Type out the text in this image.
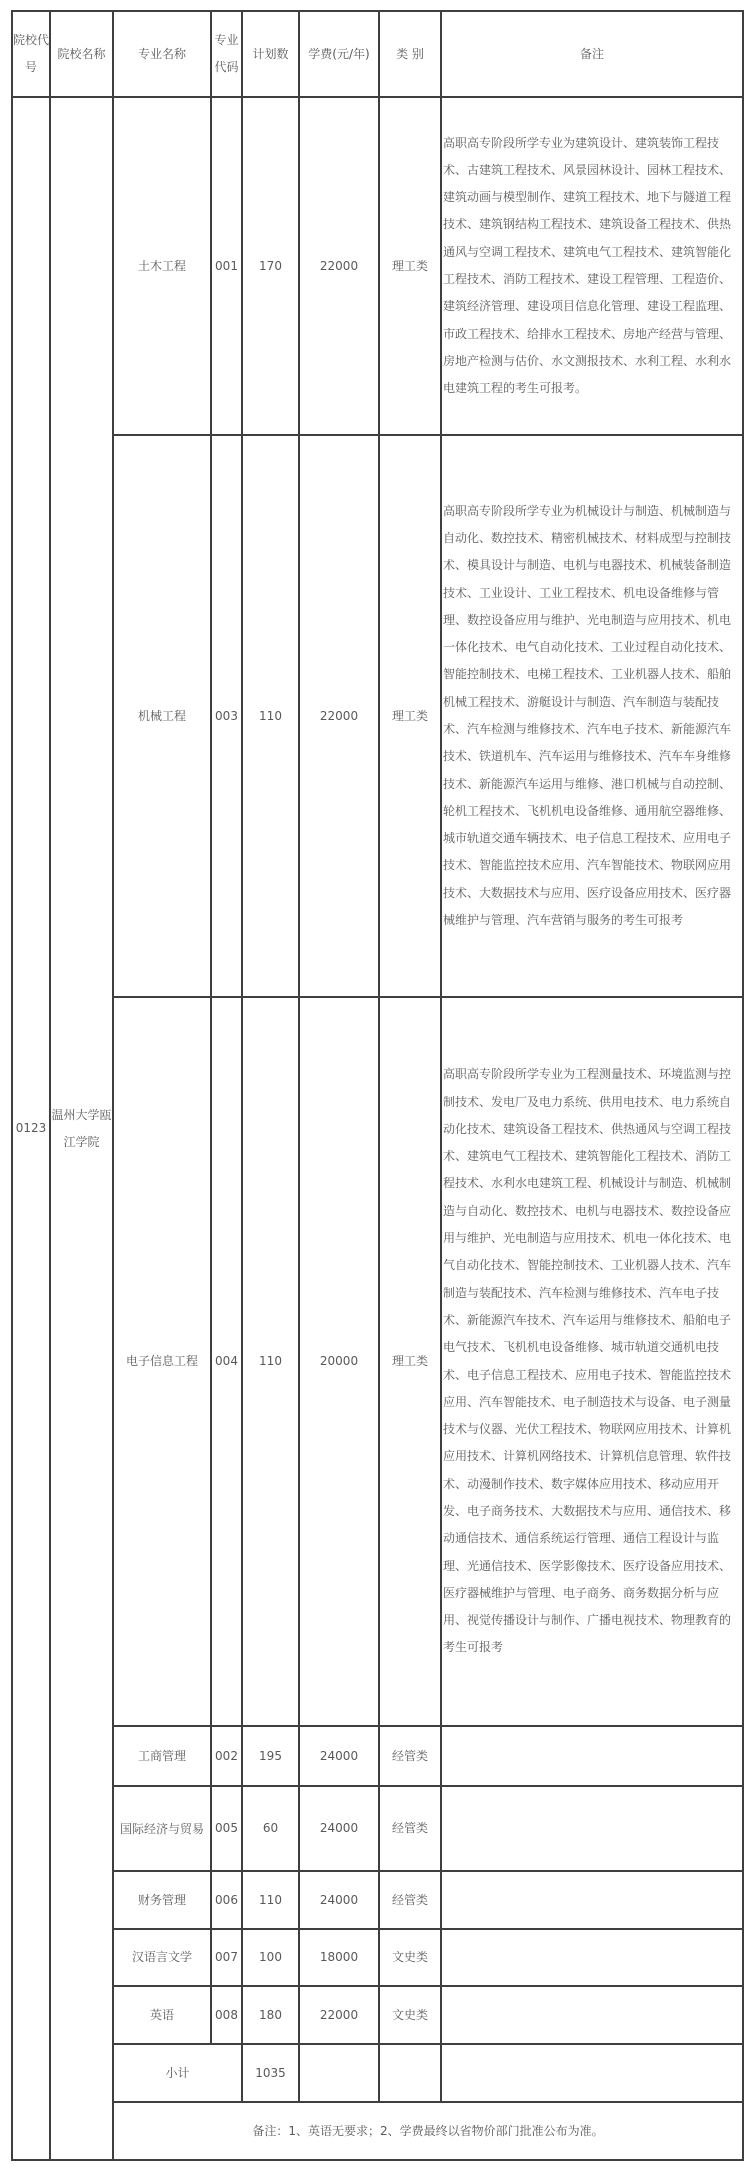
院校代号	院校名称	专业名称	专业代码	计划数	学费(元/年)	类 别	备注
0123	温州大学瓯江学院	土木工程	001	170	22000	理工类	高职高专阶段所学专业为建筑设计、建筑装饰工程技术、古建筑工程技术、风景园林设计、园林工程技术、建筑动画与模型制作、建筑工程技术、地下与隧道工程技术、建筑钢结构工程技术、建筑设备工程技术、供热通风与空调工程技术、建筑电气工程技术、建筑智能化工程技术、消防工程技术、建设工程管理、工程造价、建筑经济管理、建设项目信息化管理、建设工程监理、市政工程技术、给排水工程技术、房地产经营与管理、房地产检测与估价、水文测报技术、水利工程、水利水电建筑工程的考生可报考。
		机械工程	003	110	22000	理工类	高职高专阶段所学专业为机械设计与制造、机械制造与自动化、数控技术、精密机械技术、材料成型与控制技术、模具设计与制造、电机与电器技术、机械装备制造技术、工业设计、工业工程技术、机电设备维修与管理、数控设备应用与维护、光电制造与应用技术、机电一体化技术、电气自动化技术、工业过程自动化技术、智能控制技术、电梯工程技术、工业机器人技术、船舶机械工程技术、游艇设计与制造、汽车制造与装配技术、汽车检测与维修技术、汽车电子技术、新能源汽车技术、铁道机车、汽车运用与维修技术、汽车车身维修技术、新能源汽车运用与维修、港口机械与自动控制、轮机工程技术、飞机机电设备维修、通用航空器维修、城市轨道交通车辆技术、电子信息工程技术、应用电子技术、智能监控技术应用、汽车智能技术、物联网应用技术、大数据技术与应用、医疗设备应用技术、医疗器械维护与管理、汽车营销与服务的考生可报考
		电子信息工程	004	110	20000	理工类	高职高专阶段所学专业为工程测量技术、环境监测与控制技术、发电厂及电力系统、供用电技术、电力系统自动化技术、建筑设备工程技术、供热通风与空调工程技术、建筑电气工程技术、建筑智能化工程技术、消防工程技术、水利水电建筑工程、机械设计与制造、机械制造与自动化、数控技术、电机与电器技术、数控设备应用与维护、光电制造与应用技术、机电一体化技术、电气自动化技术、智能控制技术、工业机器人技术、汽车制造与装配技术、汽车检测与维修技术、汽车电子技术、新能源汽车技术、汽车运用与维修技术、船舶电子电气技术、飞机机电设备维修、城市轨道交通机电技术、电子信息工程技术、应用电子技术、智能监控技术应用、汽车智能技术、电子制造技术与设备、电子测量技术与仪器、光伏工程技术、物联网应用技术、计算机应用技术、计算机网络技术、计算机信息管理、软件技术、动漫制作技术、数字媒体应用技术、移动应用开发、电子商务技术、大数据技术与应用、通信技术、移动通信技术、通信系统运行管理、通信工程设计与监理、光通信技术、医学影像技术、医疗设备应用技术、医疗器械维护与管理、电子商务、商务数据分析与应用、视觉传播设计与制作、广播电视技术、物理教育的考生可报考
		工商管理	002	195	24000	经管类	
		国际经济与贸易	005	60	24000	经管类	
		财务管理	006	110	24000	经管类	
		汉语言文学	007	100	18000	文史类	
		英语	008	180	22000	文史类	
		小计		1035			
		备注：1、英语无要求；2、学费最终以省物价部门批准公布为准。					
